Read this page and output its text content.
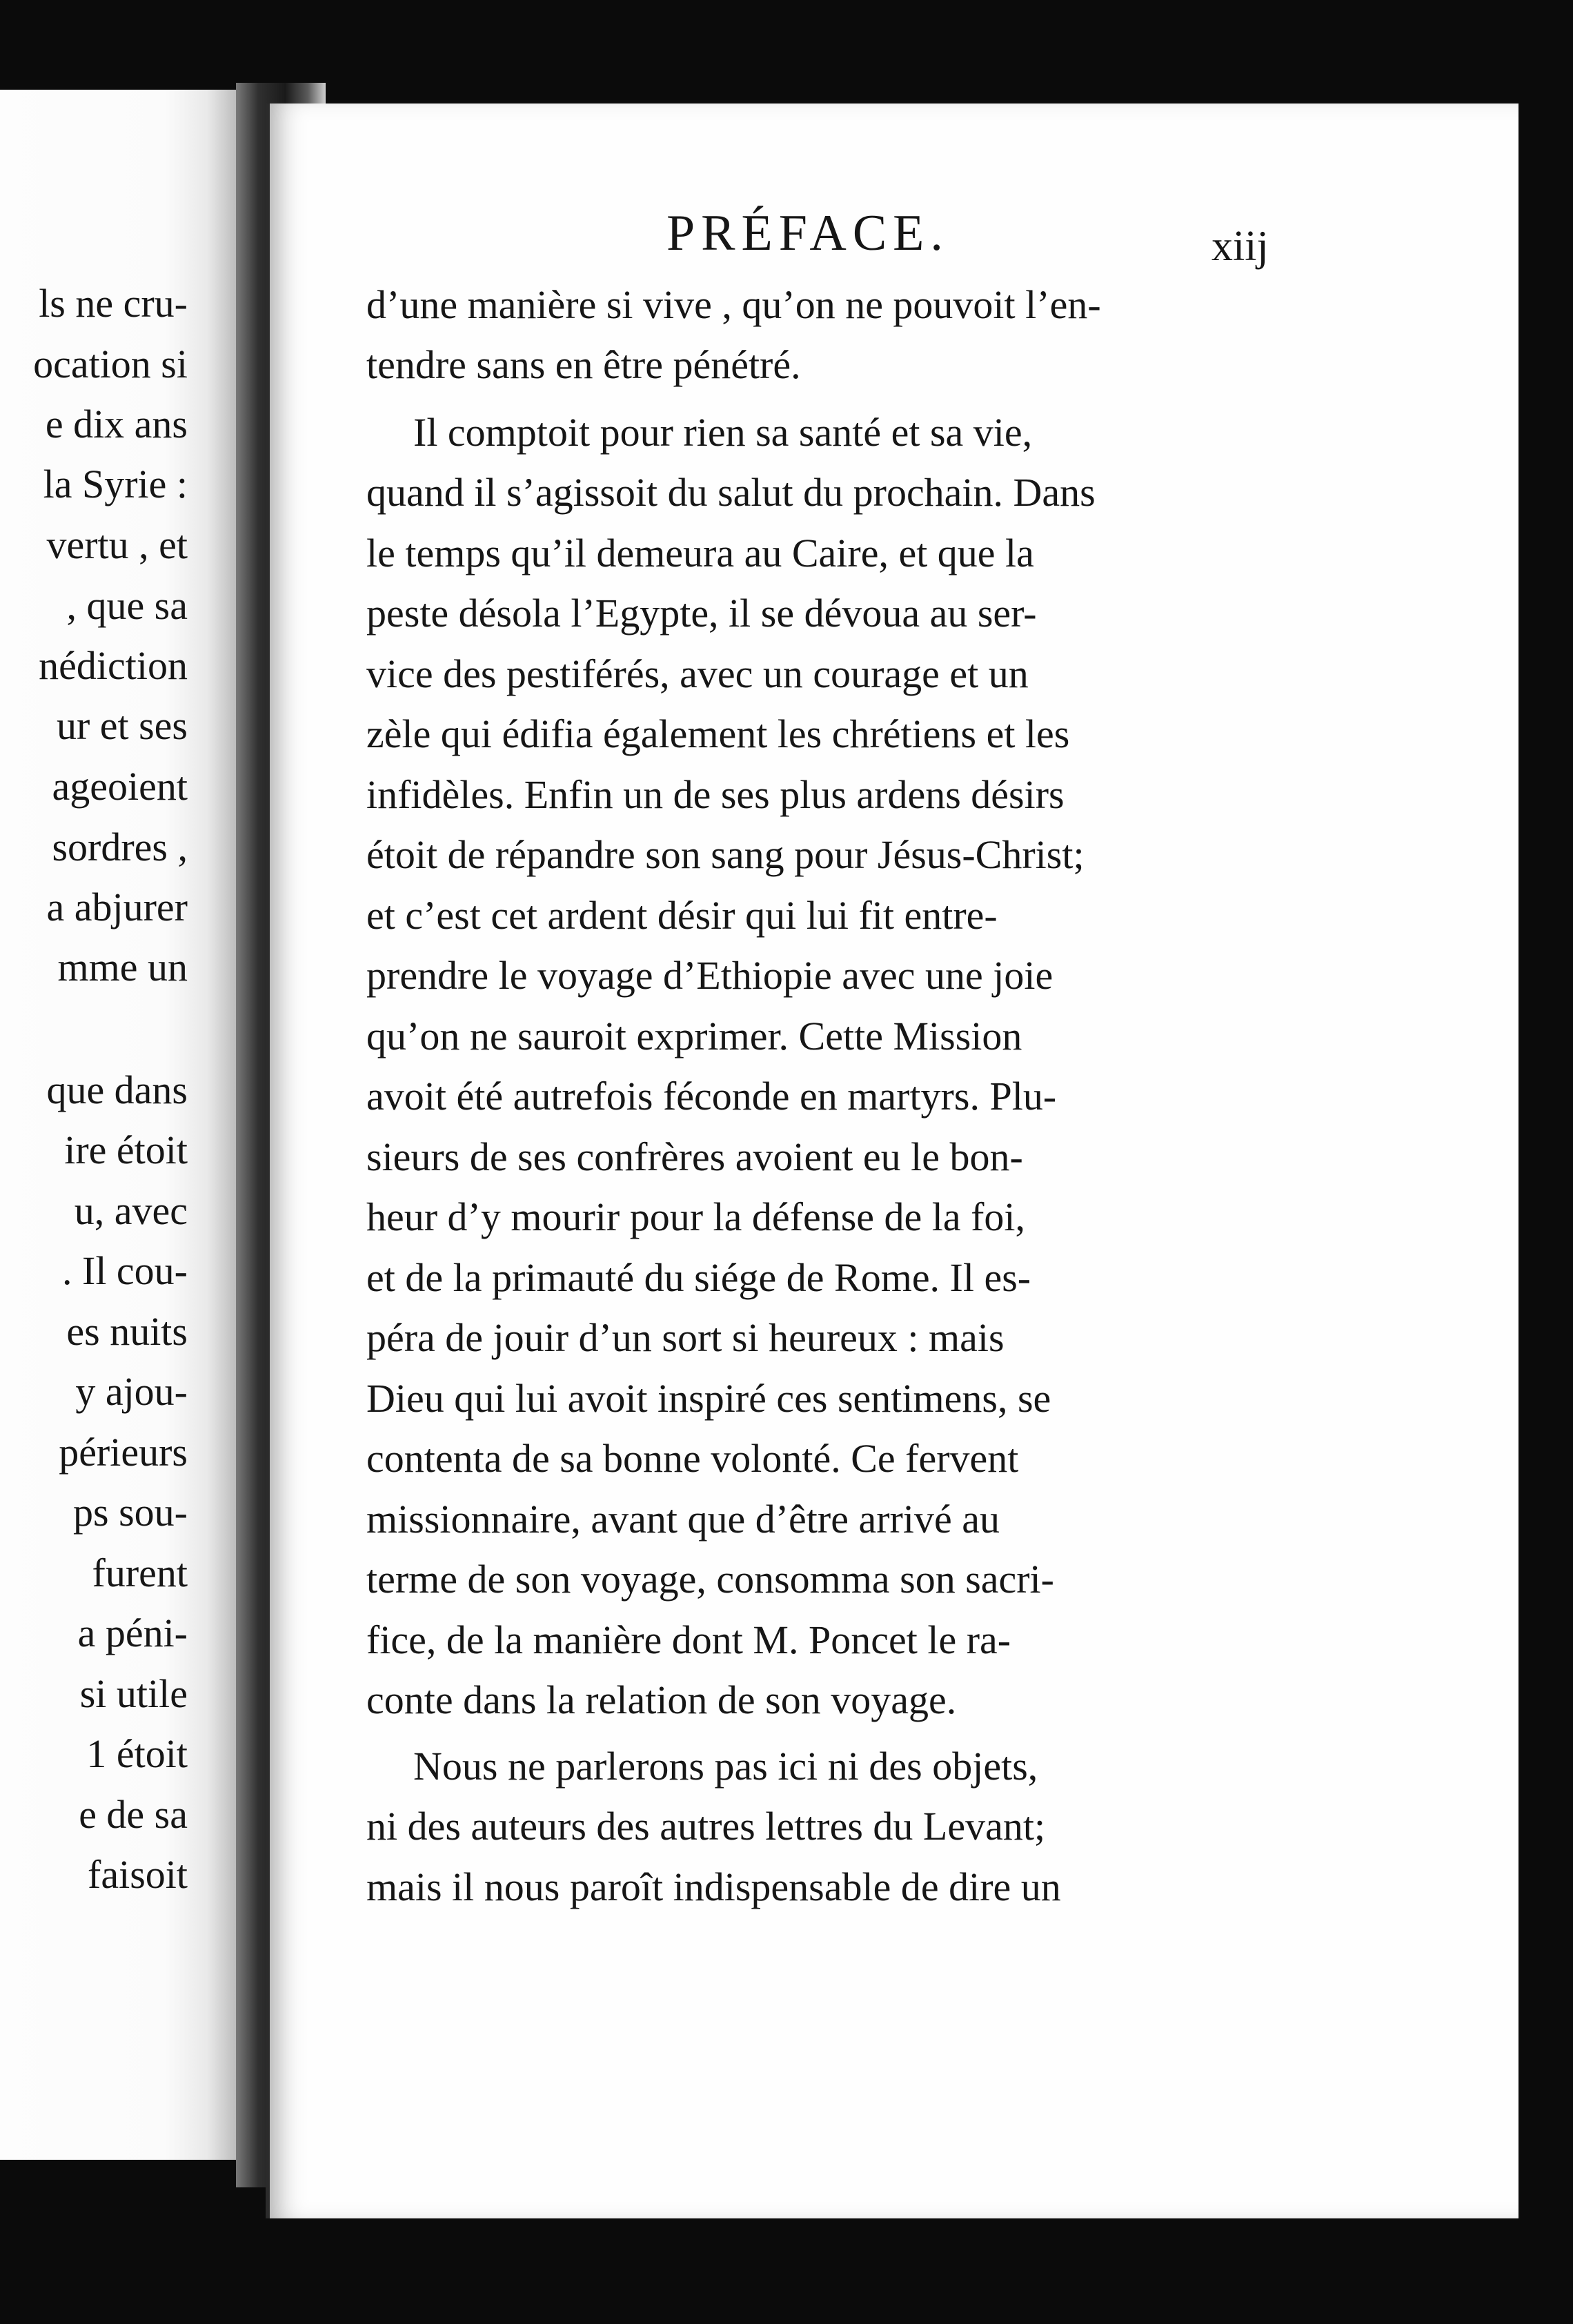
ls ne cru-
ocation si
e dix ans
la Syrie :
vertu , et
, que sa
nédiction
ur et ses
ageoient
sordres ,
a abjurer
mme un
que dans
ire étoit
u, avec
. Il cou-
es nuits
y ajou-
périeurs
ps sou-
furent
a péni-
si utile
1 étoit
e de sa
faisoit
PRÉFACE.	xiij
d’une manière si vive , qu’on ne pouvoit l’en-
tendre sans en être pénétré.
Il comptoit pour rien sa santé et sa vie,
quand il s’agissoit du salut du prochain. Dans
le temps qu’il demeura au Caire, et que la
peste désola l’Egypte, il se dévoua au ser-
vice des pestiférés, avec un courage et un
zèle qui édifia également les chrétiens et les
infidèles. Enfin un de ses plus ardens désirs
étoit de répandre son sang pour Jésus-Christ;
et c’est cet ardent désir qui lui fit entre-
prendre le voyage d’Ethiopie avec une joie
qu’on ne sauroit exprimer. Cette Mission
avoit été autrefois féconde en martyrs. Plu-
sieurs de ses confrères avoient eu le bon-
heur d’y mourir pour la défense de la foi,
et de la primauté du siége de Rome. Il es-
péra de jouir d’un sort si heureux : mais
Dieu qui lui avoit inspiré ces sentimens, se
contenta de sa bonne volonté. Ce fervent
missionnaire, avant que d’être arrivé au
terme de son voyage, consomma son sacri-
fice, de la manière dont M. Poncet le ra-
conte dans la relation de son voyage.
Nous ne parlerons pas ici ni des objets,
ni des auteurs des autres lettres du Levant;
mais il nous paroît indispensable de dire un
